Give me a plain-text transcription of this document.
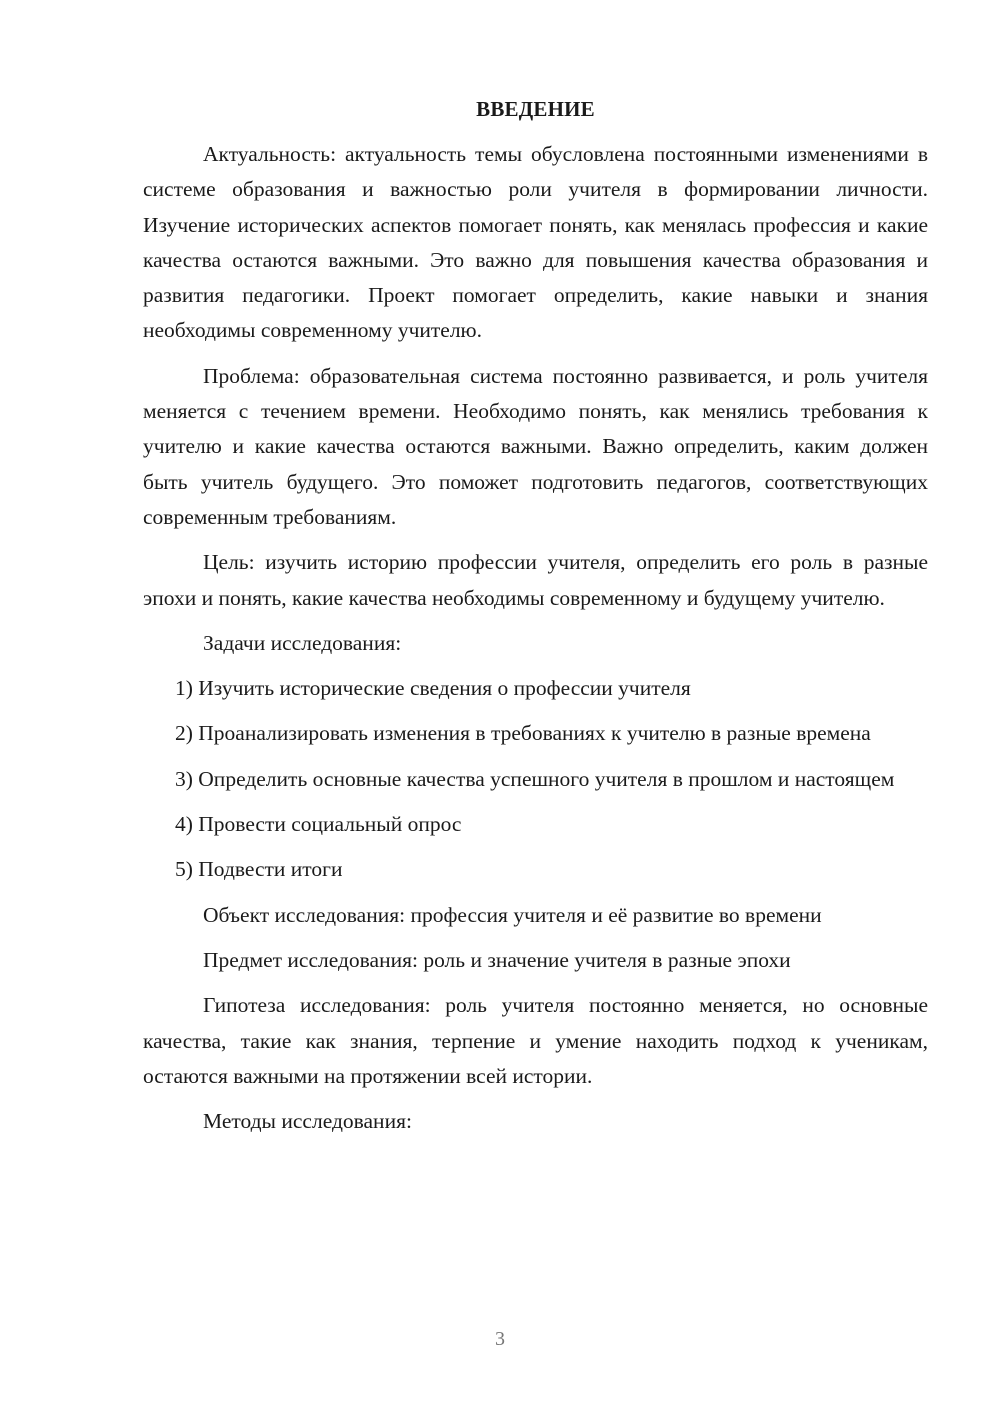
ВВЕДЕНИЕ

Актуальность: актуальность темы обусловлена постоянными изменениями в системе образования и важностью роли учителя в формировании личности. Изучение исторических аспектов помогает понять, как менялась профессия и какие качества остаются важными. Это важно для повышения качества образования и развития педагогики. Проект помогает определить, какие навыки и знания необходимы современному учителю.

Проблема: образовательная система постоянно развивается, и роль учителя меняется с течением времени. Необходимо понять, как менялись требования к учителю и какие качества остаются важными. Важно определить, каким должен быть учитель будущего. Это поможет подготовить педагогов, соответствующих современным требованиям.

Цель: изучить историю профессии учителя, определить его роль в разные эпохи и понять, какие качества необходимы современному и будущему учителю.

Задачи исследования:

1) Изучить исторические сведения о профессии учителя

2) Проанализировать изменения в требованиях к учителю в разные времена

3) Определить основные качества успешного учителя в прошлом и настоящем

4) Провести социальный опрос

5) Подвести итоги

Объект исследования: профессия учителя и её развитие во времени

Предмет исследования: роль и значение учителя в разные эпохи

Гипотеза исследования: роль учителя постоянно меняется, но основные качества, такие как знания, терпение и умение находить подход к ученикам, остаются важными на протяжении всей истории.

Методы исследования:

3
